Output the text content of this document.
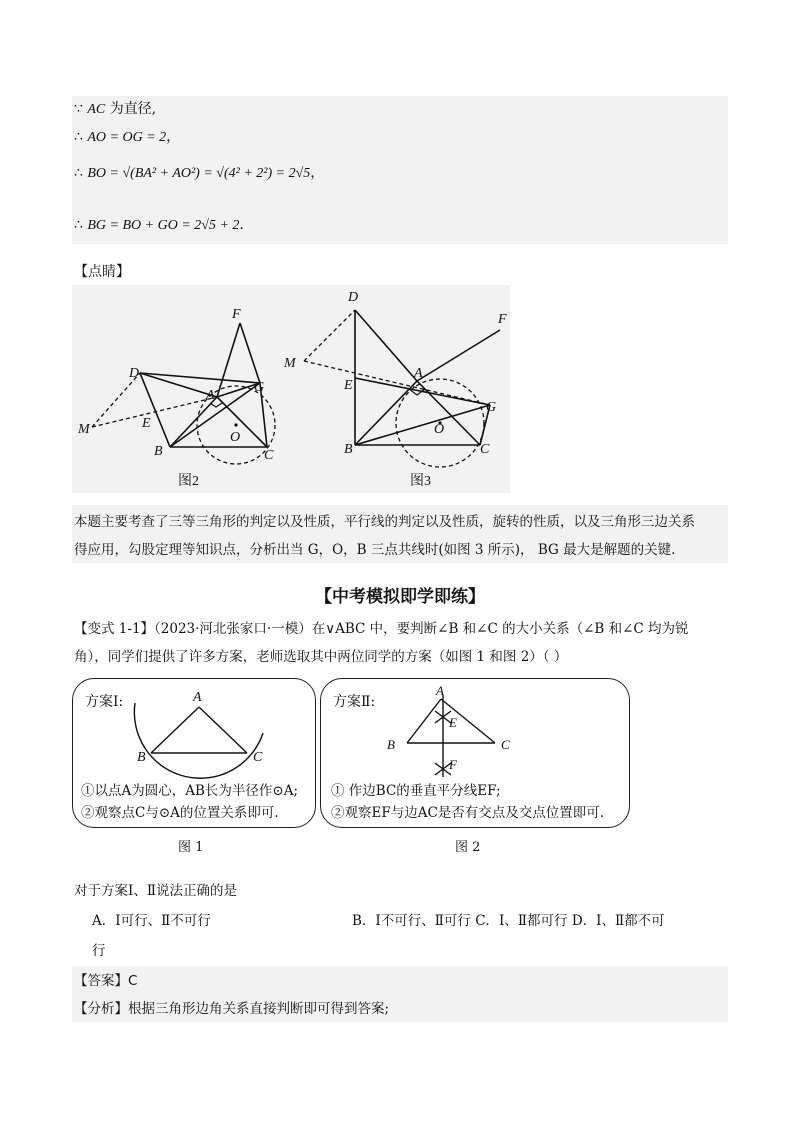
∵ AC 为直径,
∴ AO = OG = 2，
∴ BO = √(BA² + AO²) = √(4² + 2²) = 2√5，
∴ BG = BO + GO = 2√5 + 2.
【点睛】
D
M	E
B
F
A
G
O
C
D
M
E
B
F
A
G
O
C
图2	图3
本题主要考查了三等三角形的判定以及性质，平行线的判定以及性质，旋转的性质，以及三角形三边关系
得应用，勾股定理等知识点，分析出当 G，O，B 三点共线时(如图 3 所示)， BG 最大是解题的关键.
【中考模拟即学即练】
【变式 1-1】（2023·河北张家口·一模）在∨ABC 中，要判断∠B 和∠C 的大小关系（∠B 和∠C 均为锐
角），同学们提供了许多方案，老师选取其中两位同学的方案（如图 1 和图 2）（ ）
方案Ⅰ:	A
B	C
①以点A为圆心，AB长为半径作⊙A;
②观察点C与⊙A的位置关系即可.
方案Ⅱ:
A
B	C
E
F
① 作边BC的垂直平分线EF;
②观察EF与边AC是否有交点及交点位置即可.
图 1	图 2
对于方案Ⅰ、Ⅱ说法正确的是
A．Ⅰ可行、Ⅱ不可行	B．Ⅰ不可行、Ⅱ可行 C．Ⅰ、Ⅱ都可行 D．Ⅰ、Ⅱ都不可
行
【答案】C
【分析】根据三角形边角关系直接判断即可得到答案;
